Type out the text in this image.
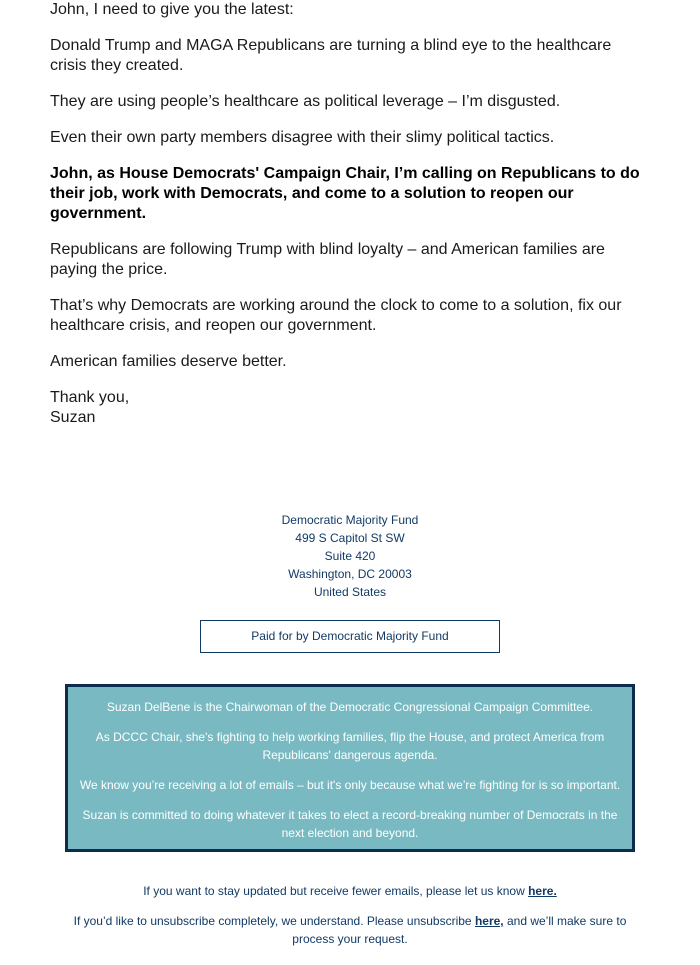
John, I need to give you the latest:

Donald Trump and MAGA Republicans are turning a blind eye to the healthcare crisis they created.

They are using people’s healthcare as political leverage – I’m disgusted.

Even their own party members disagree with their slimy political tactics.

John, as House Democrats' Campaign Chair, I’m calling on Republicans to do their job, work with Democrats, and come to a solution to reopen our government.

Republicans are following Trump with blind loyalty – and American families are paying the price.

That’s why Democrats are working around the clock to come to a solution, fix our healthcare crisis, and reopen our government.

American families deserve better.

Thank you,

Suzan

Democratic Majority Fund
499 S Capitol St SW
Suite 420
Washington, DC 20003
United States
Paid for by Democratic Majority Fund

Suzan DelBene is the Chairwoman of the Democratic Congressional Campaign Committee.

As DCCC Chair, she's fighting to help working families, flip the House, and protect America from Republicans' dangerous agenda.

We know you’re receiving a lot of emails – but it's only because what we’re fighting for is so important.

Suzan is committed to doing whatever it takes to elect a record-breaking number of Democrats in the next election and beyond.

If you want to stay updated but receive fewer emails, please let us know here.
If you’d like to unsubscribe completely, we understand. Please unsubscribe here, and we’ll make sure to process your request.
